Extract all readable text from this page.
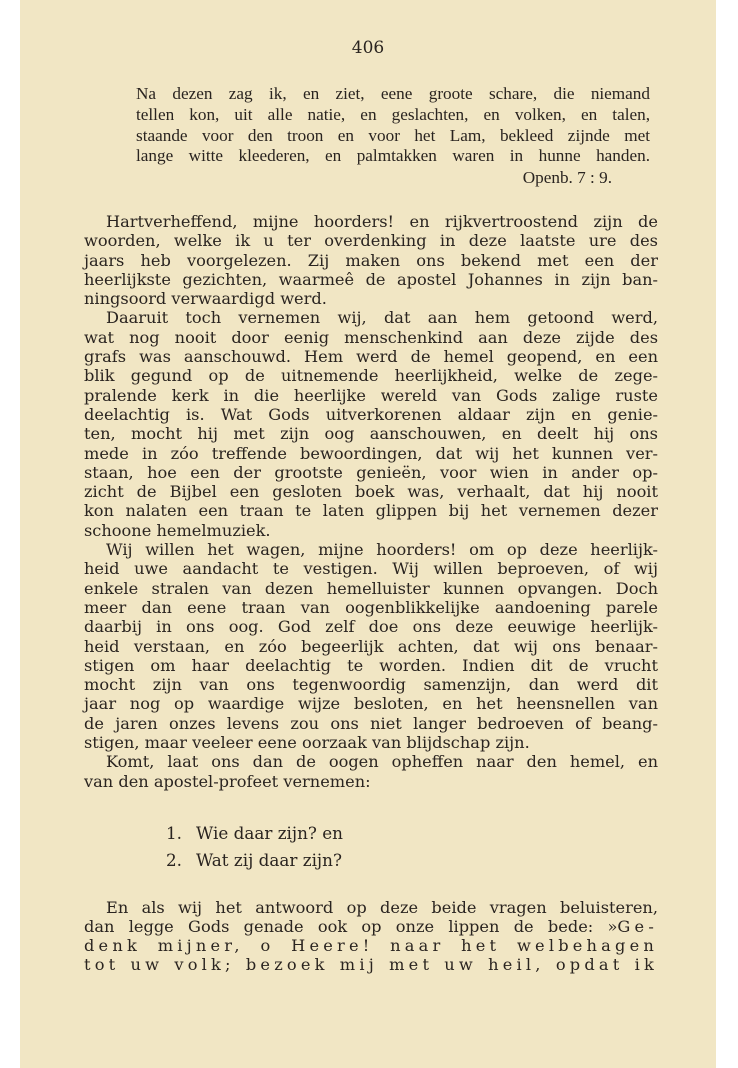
406
Na dezen zag ik, en ziet, eene groote schare, die niemand
tellen kon, uit alle natie, en geslachten, en volken, en talen,
staande voor den troon en voor het Lam, bekleed zijnde met
lange witte kleederen, en palmtakken waren in hunne handen.
Openb. 7 : 9.
Hartverheffend, mijne hoorders! en rijkvertroostend zijn de
woorden, welke ik u ter overdenking in deze laatste ure des
jaars heb voorgelezen. Zij maken ons bekend met een der
heerlijkste gezichten, waarmeê de apostel Johannes in zijn ban-
ningsoord verwaardigd werd.
Daaruit toch vernemen wij, dat aan hem getoond werd,
wat nog nooit door eenig menschenkind aan deze zijde des
grafs was aanschouwd. Hem werd de hemel geopend, en een
blik gegund op de uitnemende heerlijkheid, welke de zege-
pralende kerk in die heerlijke wereld van Gods zalige ruste
deelachtig is. Wat Gods uitverkorenen aldaar zijn en genie-
ten, mocht hij met zijn oog aanschouwen, en deelt hij ons
mede in zóo treffende bewoordingen, dat wij het kunnen ver-
staan, hoe een der grootste genieën, voor wien in ander op-
zicht de Bijbel een gesloten boek was, verhaalt, dat hij nooit
kon nalaten een traan te laten glippen bij het vernemen dezer
schoone hemelmuziek.
Wij willen het wagen, mijne hoorders! om op deze heerlijk-
heid uwe aandacht te vestigen. Wij willen beproeven, of wij
enkele stralen van dezen hemelluister kunnen opvangen. Doch
meer dan eene traan van oogenblikkelijke aandoening parele
daarbij in ons oog. God zelf doe ons deze eeuwige heerlijk-
heid verstaan, en zóo begeerlijk achten, dat wij ons benaar-
stigen om haar deelachtig te worden. Indien dit de vrucht
mocht zijn van ons tegenwoordig samenzijn, dan werd dit
jaar nog op waardige wijze besloten, en het heensnellen van
de jaren onzes levens zou ons niet langer bedroeven of beang-
stigen, maar veeleer eene oorzaak van blijdschap zijn.
Komt, laat ons dan de oogen opheffen naar den hemel, en
van den apostel-profeet vernemen:
1. Wie daar zijn? en
2. Wat zij daar zijn?
En als wij het antwoord op deze beide vragen beluisteren,
dan legge Gods genade ook op onze lippen de bede: »Ge-
denk mijner, o Heere! naar het welbehagen
tot uw volk; bezoek mij met uw heil, opdat ik
